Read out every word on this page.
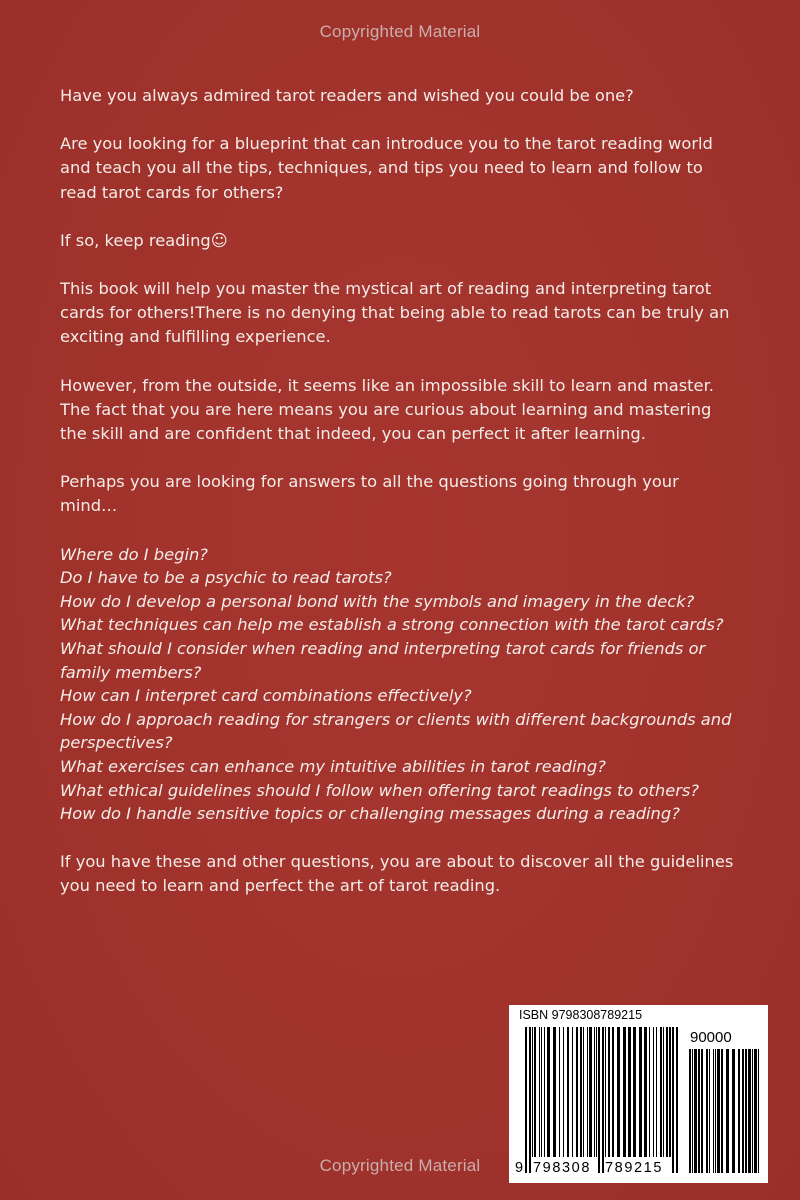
Copyrighted Material

Have you always admired tarot readers and wished you could be one?

Are you looking for a blueprint that can introduce you to the tarot reading world
and teach you all the tips, techniques, and tips you need to learn and follow to
read tarot cards for others?

If so, keep reading☺

This book will help you master the mystical art of reading and interpreting tarot
cards for others!There is no denying that being able to read tarots can be truly an
exciting and fulfilling experience.

However, from the outside, it seems like an impossible skill to learn and master.
The fact that you are here means you are curious about learning and mastering
the skill and are confident that indeed, you can perfect it after learning.

Perhaps you are looking for answers to all the questions going through your
mind…

Where do I begin?

Do I have to be a psychic to read tarots?

How do I develop a personal bond with the symbols and imagery in the deck?

What techniques can help me establish a strong connection with the tarot cards?

What should I consider when reading and interpreting tarot cards for friends or
family members?

How can I interpret card combinations effectively?

How do I approach reading for strangers or clients with different backgrounds and
perspectives?

What exercises can enhance my intuitive abilities in tarot reading?

What ethical guidelines should I follow when offering tarot readings to others?

How do I handle sensitive topics or challenging messages during a reading?

If you have these and other questions, you are about to discover all the guidelines
you need to learn and perfect the art of tarot reading.

ISBN 9798308789215
90000
9 798308 789215
Copyrighted Material
